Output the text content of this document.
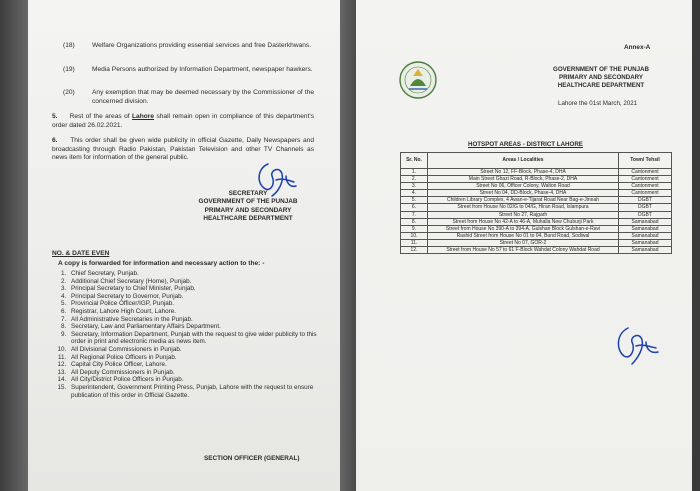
(18)	Welfare Organizations providing essential services and free Dasterkhwans.
(19)	Media Persons authorized by Information Department, newspaper hawkers.
(20)	Any exemption that may be deemed necessary by the Commissioner of the concerned division.
5. Rest of the areas of Lahore shall remain open in compliance of this department's order dated 26.02.2021.
6. This order shall be given wide publicity in official Gazette, Daily Newspapers and broadcasting through Radio Pakistan, Pakistan Television and other TV Channels as news item for information of the general public.
SECRETARY
GOVERNMENT OF THE PUNJAB
PRIMARY AND SECONDARY
HEALTHCARE DEPARTMENT
NO. & DATE EVEN
A copy is forwarded for information and necessary action to the: -
1. Chief Secretary, Punjab.
2. Additional Chief Secretary (Home), Punjab.
3. Principal Secretary to Chief Minister, Punjab.
4. Principal Secretary to Governor, Punjab.
5. Provincial Police Officer/IGP, Punjab.
6. Registrar, Lahore High Court, Lahore.
7. All Administrative Secretaries in the Punjab.
8. Secretary, Law and Parliamentary Affairs Department.
9. Secretary, Information Department, Punjab with the request to give wider publicity to this order in print and electronic media as news item.
10. All Divisional Commissioners in Punjab.
11. All Regional Police Officers in Punjab.
12. Capital City Police Officer, Lahore.
13. All Deputy Commissioners in Punjab.
14. All City/District Police Officers in Punjab.
15. Superintendent, Government Printing Press, Punjab, Lahore with the request to ensure publication of this order in Official Gazette.
SECTION OFFICER (GENERAL)
Annex-A
GOVERNMENT OF THE PUNJAB
PRIMARY AND SECONDARY
HEALTHCARE DEPARTMENT
Lahore the 01st March, 2021
HOTSPOT AREAS - DISTRICT LAHORE
Sr. No.	Areas / Localities	Town/ Tehsil
1.	Street No 12, FF-Block, Phase-4, DHA	Cantonment
2.	Main Street Ghazi Road, R-Block, Phase-2, DHA	Cantonment
3.	Street No 06, Officer Colony, Walton Road	Cantonment
4.	Street No 04, DD-Block, Phase-4, DHA	Cantonment
5.	Children Library Complex, 4 Awan-e-Tijarat Road Near Bag-e-Jinnah	DGBT
6.	Street from House No 02/G to 04/G, Hiran Road, Islampura	DGBT
7.	Street No 27, Rajgarh	DGBT
8.	Street from House No 42-A to 46-A, Muhalla New Chuburji Park	Samanabad
9.	Street from House No 390-A to 394-A, Gulshan Block Gulshan-e-Ravi	Samanabad
10.	Rashid Street from House No 01 to 04, Bund Road, Sodiwal	Samanabad
11.	Street No 07, GOR-2	Samanabad
12.	Street from House No 57 to 61 F-Block Wahdat Colony Wahdat Road	Samanabad
